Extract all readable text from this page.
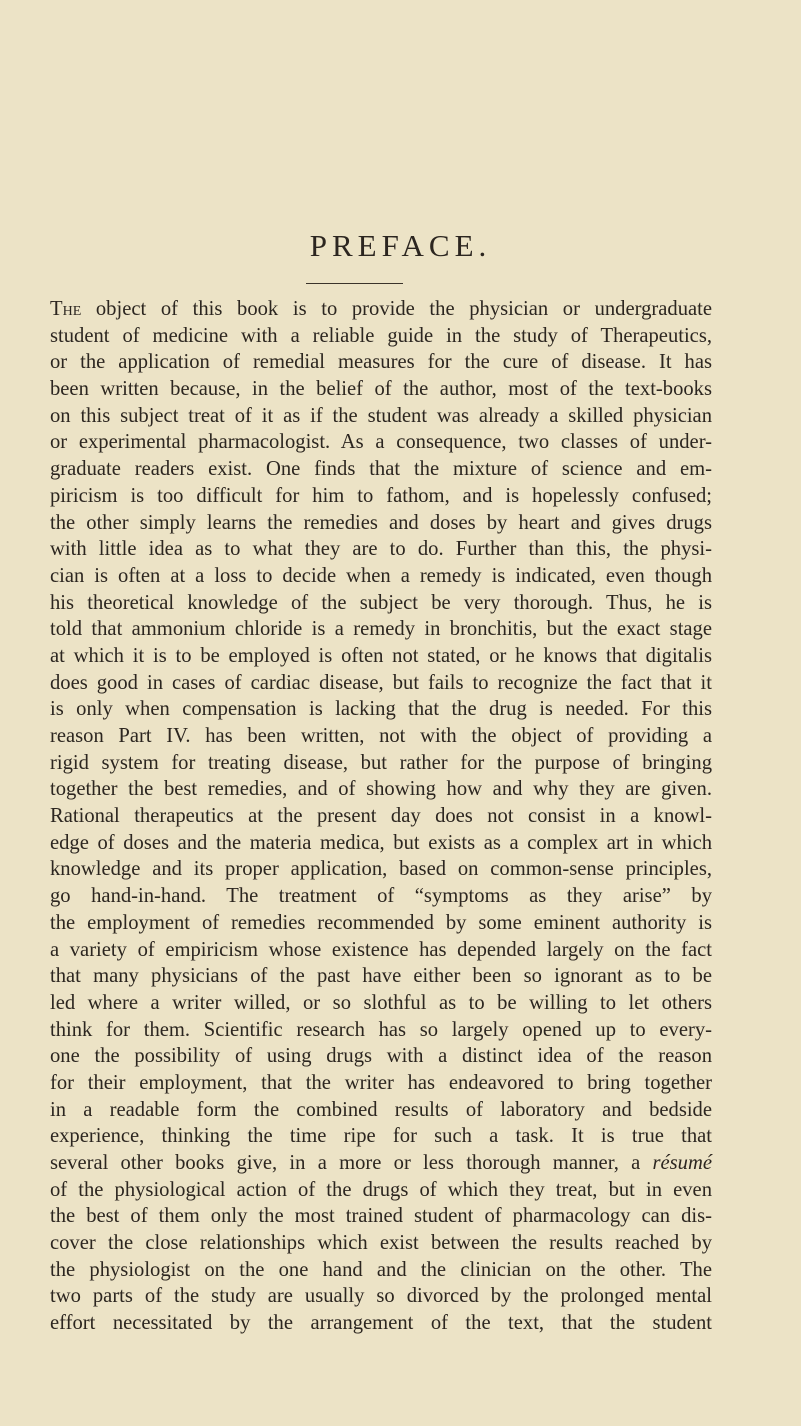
PREFACE.
The object of this book is to provide the physician or undergraduate
student of medicine with a reliable guide in the study of Therapeutics,
or the application of remedial measures for the cure of disease. It has
been written because, in the belief of the author, most of the text-books
on this subject treat of it as if the student was already a skilled physician
or experimental pharmacologist. As a consequence, two classes of under-
graduate readers exist. One finds that the mixture of science and em-
piricism is too difficult for him to fathom, and is hopelessly confused;
the other simply learns the remedies and doses by heart and gives drugs
with little idea as to what they are to do. Further than this, the physi-
cian is often at a loss to decide when a remedy is indicated, even though
his theoretical knowledge of the subject be very thorough. Thus, he is
told that ammonium chloride is a remedy in bronchitis, but the exact stage
at which it is to be employed is often not stated, or he knows that digitalis
does good in cases of cardiac disease, but fails to recognize the fact that it
is only when compensation is lacking that the drug is needed. For this
reason Part IV. has been written, not with the object of providing a
rigid system for treating disease, but rather for the purpose of bringing
together the best remedies, and of showing how and why they are given.
Rational therapeutics at the present day does not consist in a knowl-
edge of doses and the materia medica, but exists as a complex art in which
knowledge and its proper application, based on common-sense principles,
go hand-in-hand. The treatment of “symptoms as they arise” by
the employment of remedies recommended by some eminent authority is
a variety of empiricism whose existence has depended largely on the fact
that many physicians of the past have either been so ignorant as to be
led where a writer willed, or so slothful as to be willing to let others
think for them. Scientific research has so largely opened up to every-
one the possibility of using drugs with a distinct idea of the reason
for their employment, that the writer has endeavored to bring together
in a readable form the combined results of laboratory and bedside
experience, thinking the time ripe for such a task. It is true that
several other books give, in a more or less thorough manner, a résumé
of the physiological action of the drugs of which they treat, but in even
the best of them only the most trained student of pharmacology can dis-
cover the close relationships which exist between the results reached by
the physiologist on the one hand and the clinician on the other. The
two parts of the study are usually so divorced by the prolonged mental
effort necessitated by the arrangement of the text, that the student
